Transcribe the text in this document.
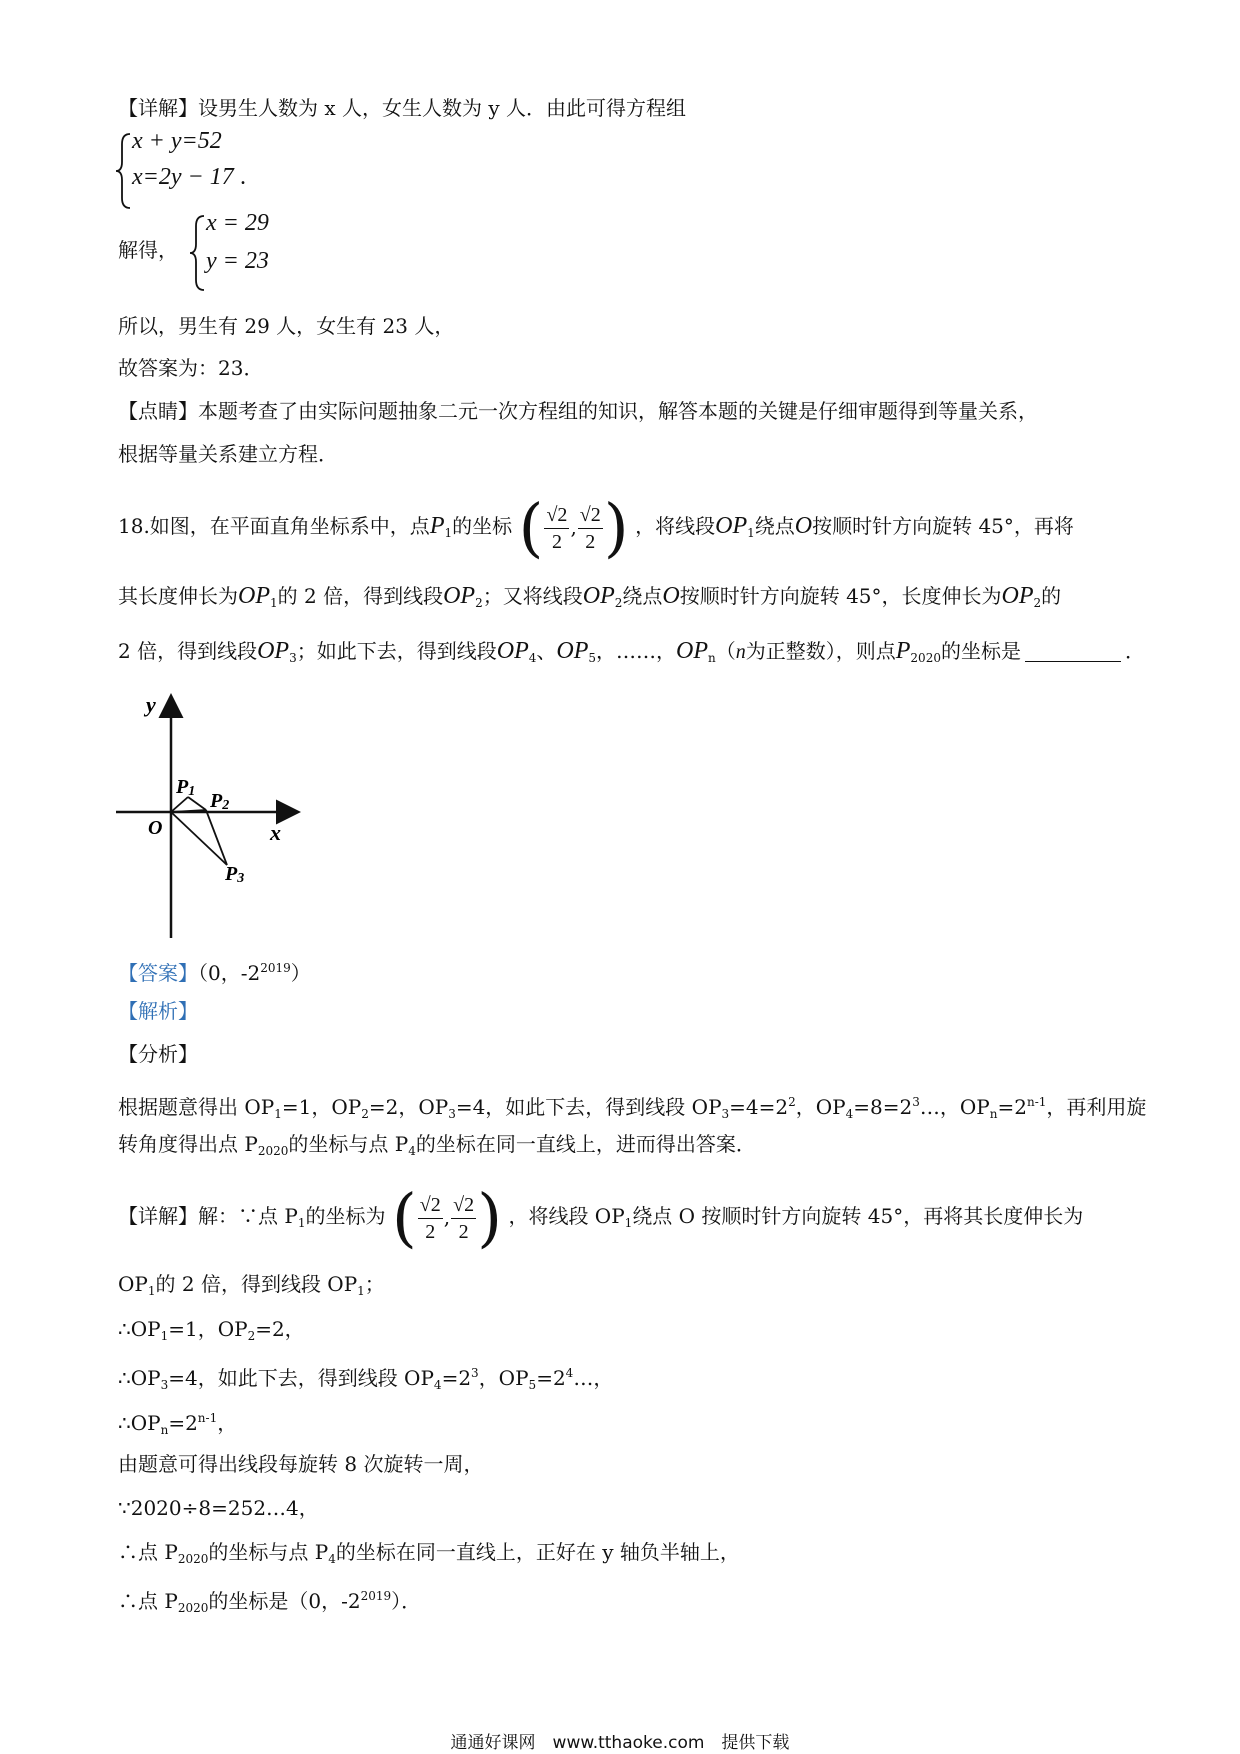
【详解】设男生人数为 x 人，女生人数为 y 人．由此可得方程组
x + y=52
x=2y − 17 .
解得，
x = 29
y = 23
所以，男生有 29 人，女生有 23 人，
故答案为：23．
【点睛】本题考查了由实际问题抽象二元一次方程组的知识，解答本题的关键是仔细审题得到等量关系，
根据等量关系建立方程．
18.如图，在平面直角坐标系中，点$P_1$的坐标 ( $\frac{√2}{2}$ , $\frac{√2}{2}$ ) ，将线段$OP_1$绕点O按顺时针方向旋转 45°，再将
其长度伸长为$OP_1$的 2 倍，得到线段$OP_2$；又将线段$OP_2$绕点O按顺时针方向旋转 45°，长度伸长为$OP_2$的
2 倍，得到线段$OP_3$；如此下去，得到线段$OP_4$、$OP_5$，……，$OP_n(n$为正整数），则点$P_{2020}$的坐标是	．
y
x
O
P1 P2
P3
【答案】（0，$-2^{2019}$）
【解析】
【分析】
根据题意得出 $OP_1=1$，$OP_2=2$，$OP_3=4$，如此下去，得到线段 $OP_3=4=2^2$，$OP_4=8=2^3\dots$，$OP_n=2^{n-1}$，再利用旋
转角度得出点 $P_{2020}$的坐标与点 $P_4$的坐标在同一直线上，进而得出答案．
【详解】解：∵点 $P_1$的坐标为 ( $\frac{√2}{2}$ , $\frac{√2}{2}$ ) ，将线段 $OP_1$绕点 O 按顺时针方向旋转 45°，再将其长度伸长为
$OP_1$的 2 倍，得到线段 $OP_1$；
$\therefore OP_1=1$，$OP_2=2$，
$\therefore OP_3=4$，如此下去，得到线段 $OP_4=2^3$，$OP_5=2^4\dots$，
$\therefore OP_n=2^{n-1}$，
由题意可得出线段每旋转 8 次旋转一周，
∵2020÷8=252…4，
∴点 $P_{2020}$的坐标与点 $P_4$的坐标在同一直线上，正好在 y 轴负半轴上，
∴点 $P_{2020}$的坐标是（0，$-2^{2019}$）．
通通好课网　www.tthaoke.com　提供下载
